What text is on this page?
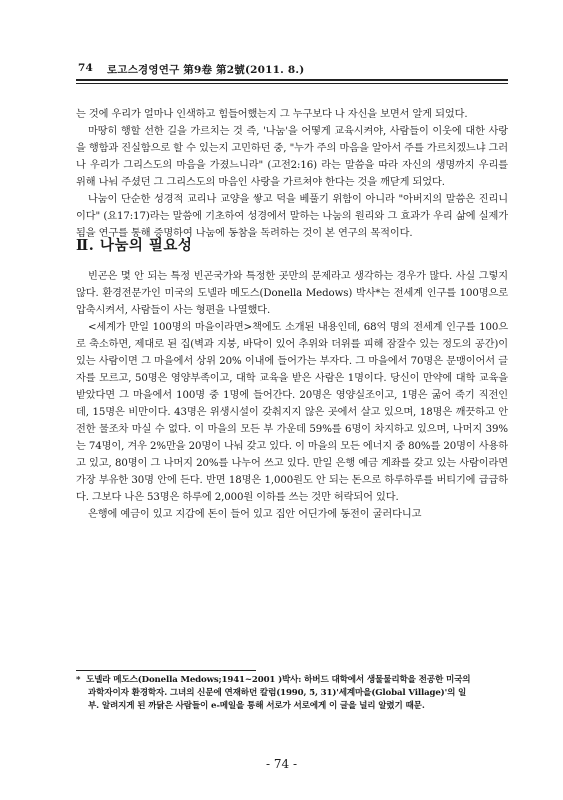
74 로고스경영연구 第9卷 第2號(2011. 8.)

는 것에 우리가 얼마나 인색하고 힘들어했는지 그 누구보다 나 자신을 보면서 알게 되었다.

마땅히 행할 선한 길을 가르치는 것 즉, '나눔'을 어떻게 교육시켜야, 사람들이 이웃에 대한 사랑을 행함과 진실함으로 할 수 있는지 고민하던 중, "누가 주의 마음을 알아서 주를 가르치겠느냐 그러나 우리가 그리스도의 마음을 가졌느니라" (고전2:16) 라는 말씀을 따라 자신의 생명까지 우리를 위해 나눠 주셨던 그 그리스도의 마음인 사랑을 가르쳐야 한다는 것을 깨닫게 되었다.

나눔이 단순한 성경적 교리나 교양을 쌓고 덕을 베풀기 위함이 아니라 "아버지의 말씀은 진리니이다" (요17:17)라는 말씀에 기초하여 성경에서 말하는 나눔의 원리와 그 효과가 우리 삶에 실제가 됨을 연구를 통해 증명하여 나눔에 동참을 독려하는 것이 본 연구의 목적이다.

Ⅱ. 나눔의 필요성

빈곤은 몇 안 되는 특정 빈곤국가와 특정한 곳만의 문제라고 생각하는 경우가 많다. 사실 그렇지 않다. 환경전문가인 미국의 도넬라 메도스(Donella Medows) 박사*는 전세계 인구를 100명으로 압축시켜서, 사람들이 사는 형편을 나열했다.

<세계가 만일 100명의 마을이라면>책에도 소개된 내용인데, 68억 명의 전세계 인구를 100으로 축소하면, 제대로 된 집(벽과 지붕, 바닥이 있어 추위와 더위를 피해 잠잘수 있는 정도의 공간)이 있는 사람이면 그 마을에서 상위 20% 이내에 들어가는 부자다. 그 마을에서 70명은 문맹이어서 글자를 모르고, 50명은 영양부족이고, 대학 교육을 받은 사람은 1명이다. 당신이 만약에 대학 교육을 받았다면 그 마을에서 100명 중 1명에 들어간다. 20명은 영양실조이고, 1명은 굶어 죽기 직전인데, 15명은 비만이다. 43명은 위생시설이 갖춰지지 않은 곳에서 살고 있으며, 18명은 깨끗하고 안전한 물조차 마실 수 없다. 이 마을의 모든 부 가운데 59%를 6명이 차지하고 있으며, 나머지 39%는 74명이, 겨우 2%만을 20명이 나눠 갖고 있다. 이 마을의 모든 에너지 중 80%를 20명이 사용하고 있고, 80명이 그 나머지 20%를 나누어 쓰고 있다. 만일 은행 예금 계좌를 갖고 있는 사람이라면 가장 부유한 30명 안에 든다. 반면 18명은 1,000원도 안 되는 돈으로 하루하루를 버티기에 급급하다. 그보다 나은 53명은 하루에 2,000원 이하를 쓰는 것만 허락되어 있다.

은행에 예금이 있고 지갑에 돈이 들어 있고 집안 어딘가에 동전이 굴러다니고

* 도넬라 메도스(Donella Medows;1941~2001 )박사: 하버드 대학에서 생물물리학을 전공한 미국의
과학자이자 환경학자. 그녀의 신문에 연재하던 칼럼(1990, 5, 31)'세계마을(Global Village)'의 일
부. 알려지게 된 까닭은 사람들이 e-메일을 통해 서로가 서로에게 이 글을 널리 알렸기 때문.
- 74 -
